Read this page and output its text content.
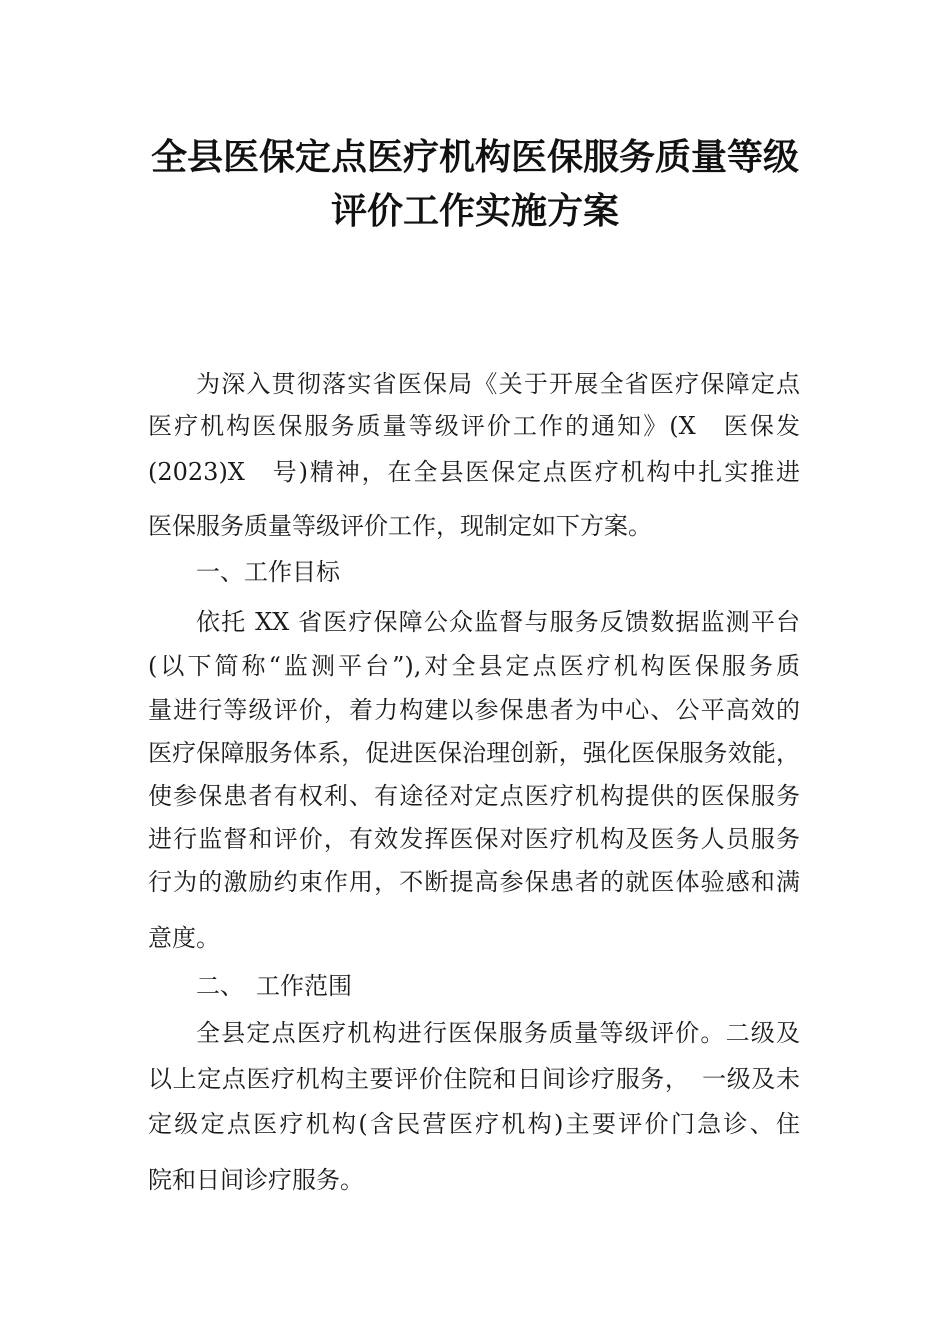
全县医保定点医疗机构医保服务质量等级
评价工作实施方案
为深入贯彻落实省医保局《关于开展全省医疗保障定点
医疗机构医保服务质量等级评价工作的通知》(X　医保发
(2023)X　号)精神，在全县医保定点医疗机构中扎实推进
医保服务质量等级评价工作，现制定如下方案。
一、工作目标
依托 XX 省医疗保障公众监督与服务反馈数据监测平台
(以下简称“监测平台”),对全县定点医疗机构医保服务质
量进行等级评价，着力构建以参保患者为中心、公平高效的
医疗保障服务体系，促进医保治理创新，强化医保服务效能，
使参保患者有权利、有途径对定点医疗机构提供的医保服务
进行监督和评价，有效发挥医保对医疗机构及医务人员服务
行为的激励约束作用，不断提高参保患者的就医体验感和满
意度。
二、　工作范围
全县定点医疗机构进行医保服务质量等级评价。二级及
以上定点医疗机构主要评价住院和日间诊疗服务，　一级及未
定级定点医疗机构(含民营医疗机构)主要评价门急诊、住
院和日间诊疗服务。
